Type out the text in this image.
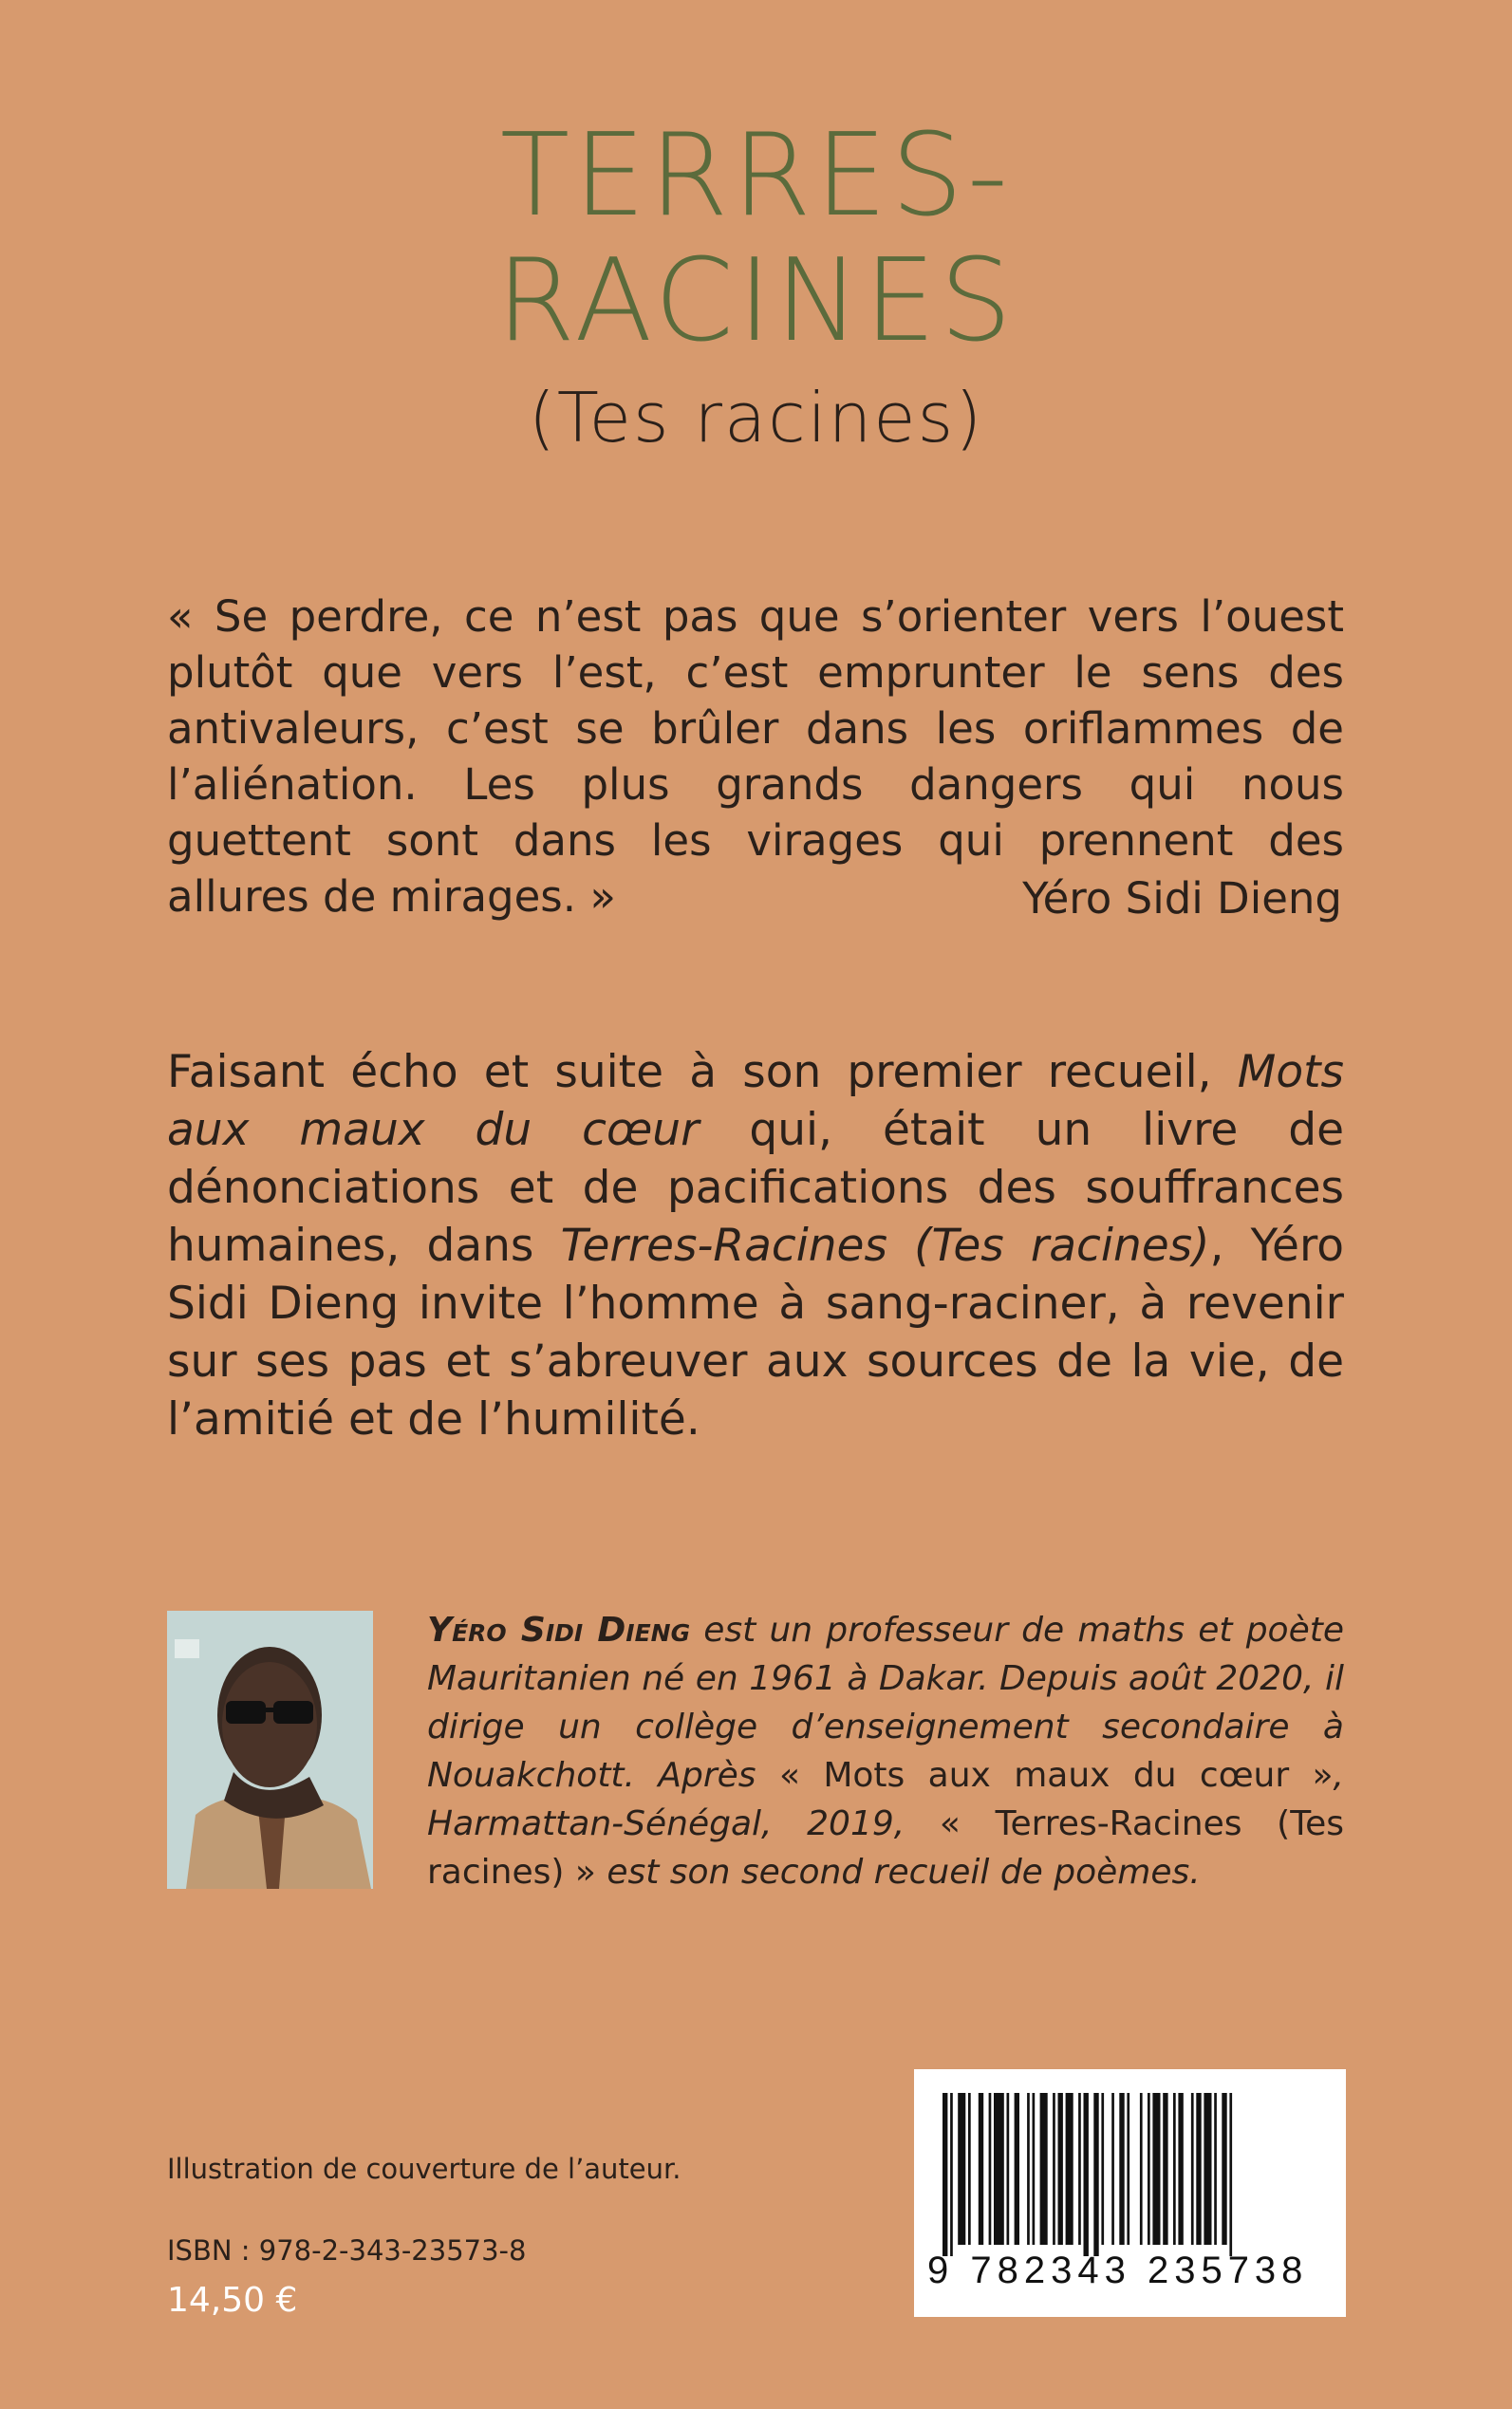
TERRES-
RACINES
(Tes racines)
« Se perdre, ce n’est pas que s’orienter vers l’ouest plutôt que vers l’est, c’est emprunter le sens des antivaleurs, c’est se brûler dans les oriflammes de l’aliénation. Les plus grands dangers qui nous guettent sont dans les virages qui prennent des allures de mirages. »	Yéro Sidi Dieng
Faisant écho et suite à son premier recueil, Mots aux maux du cœur qui, était un livre de dénonciations et de pacifications des souffrances humaines, dans Terres-Racines (Tes racines), Yéro Sidi Dieng invite l’homme à sang-raciner, à revenir sur ses pas et s’abreuver aux sources de la vie, de l’amitié et de l’humilité.
Yéro Sidi Dieng est un professeur de maths et poète Mauritanien né en 1961 à Dakar. Depuis août 2020, il dirige un collège d’enseignement secondaire à Nouakchott. Après « Mots aux maux du cœur », Harmattan-Sénégal, 2019, « Terres-Racines (Tes racines) » est son second recueil de poèmes.
Illustration de couverture de l’auteur.
ISBN : 978-2-343-23573-8
14,50 €
9 782343 235738
